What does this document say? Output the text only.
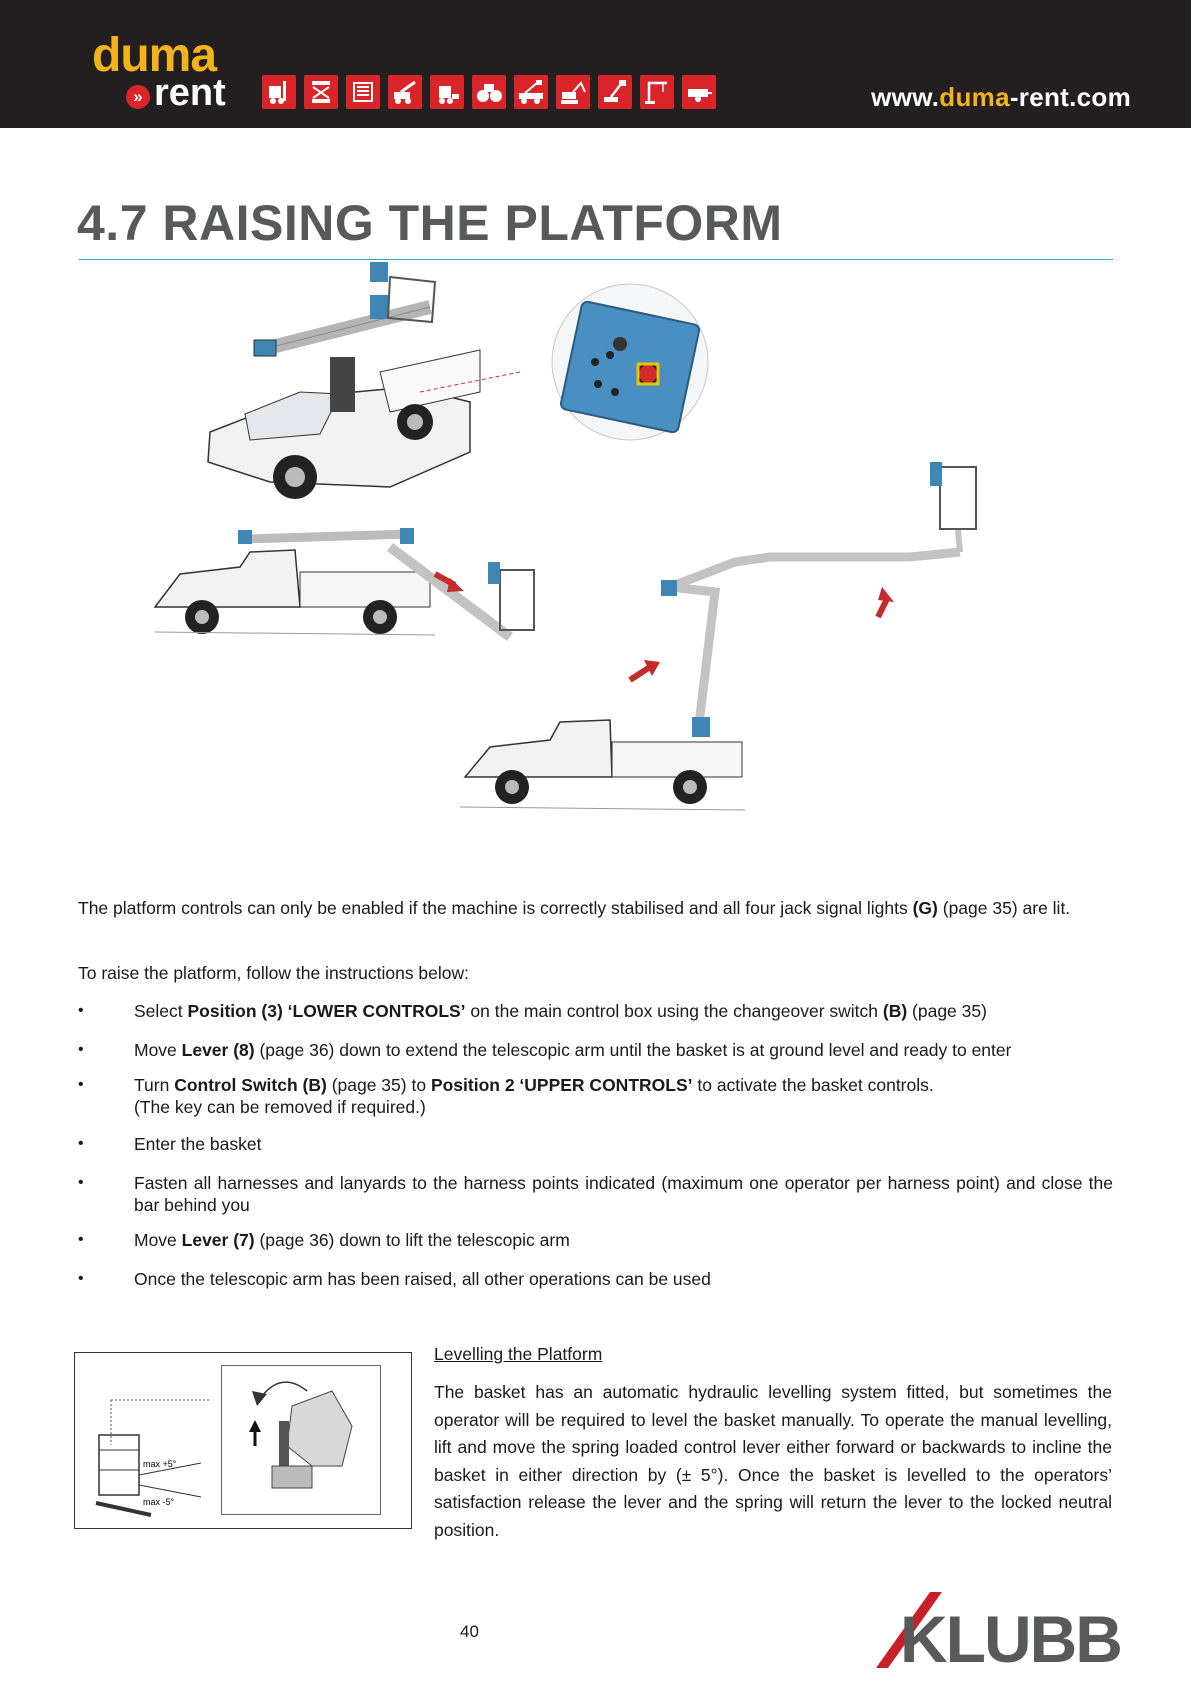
duma
» rent	www.duma-rent.com
4.7 RAISING THE PLATFORM

The platform controls can only be enabled if the machine is correctly stabilised and all four jack signal lights (G) (page 35) are lit.

To raise the platform, follow the instructions below:

•	Select Position (3) ‘LOWER CONTROLS’ on the main control box using the changeover switch (B) (page 35)
•	Move Lever (8) (page 36) down to extend the telescopic arm until the basket is at ground level and ready to enter
•	Turn Control Switch (B) (page 35) to Position 2 ‘UPPER CONTROLS’ to activate the basket controls.
(The key can be removed if required.)
•	Enter the basket
•	Fasten all harnesses and lanyards to the harness points indicated (maximum one operator per harness point) and close the bar behind you
•	Move Lever (7) (page 36) down to lift the telescopic arm
•	Once the telescopic arm has been raised, all other operations can be used
max +5°
max -5°

Levelling the Platform

The basket has an automatic hydraulic levelling system fitted, but sometimes the operator will be required to level the basket manually. To operate the manual levelling, lift and move the spring loaded control lever either forward or backwards to incline the basket in either direction by (± 5°). Once the basket is levelled to the operators’ satisfaction release the lever and the spring will return the lever to the locked neutral position.

40	KLUBB
